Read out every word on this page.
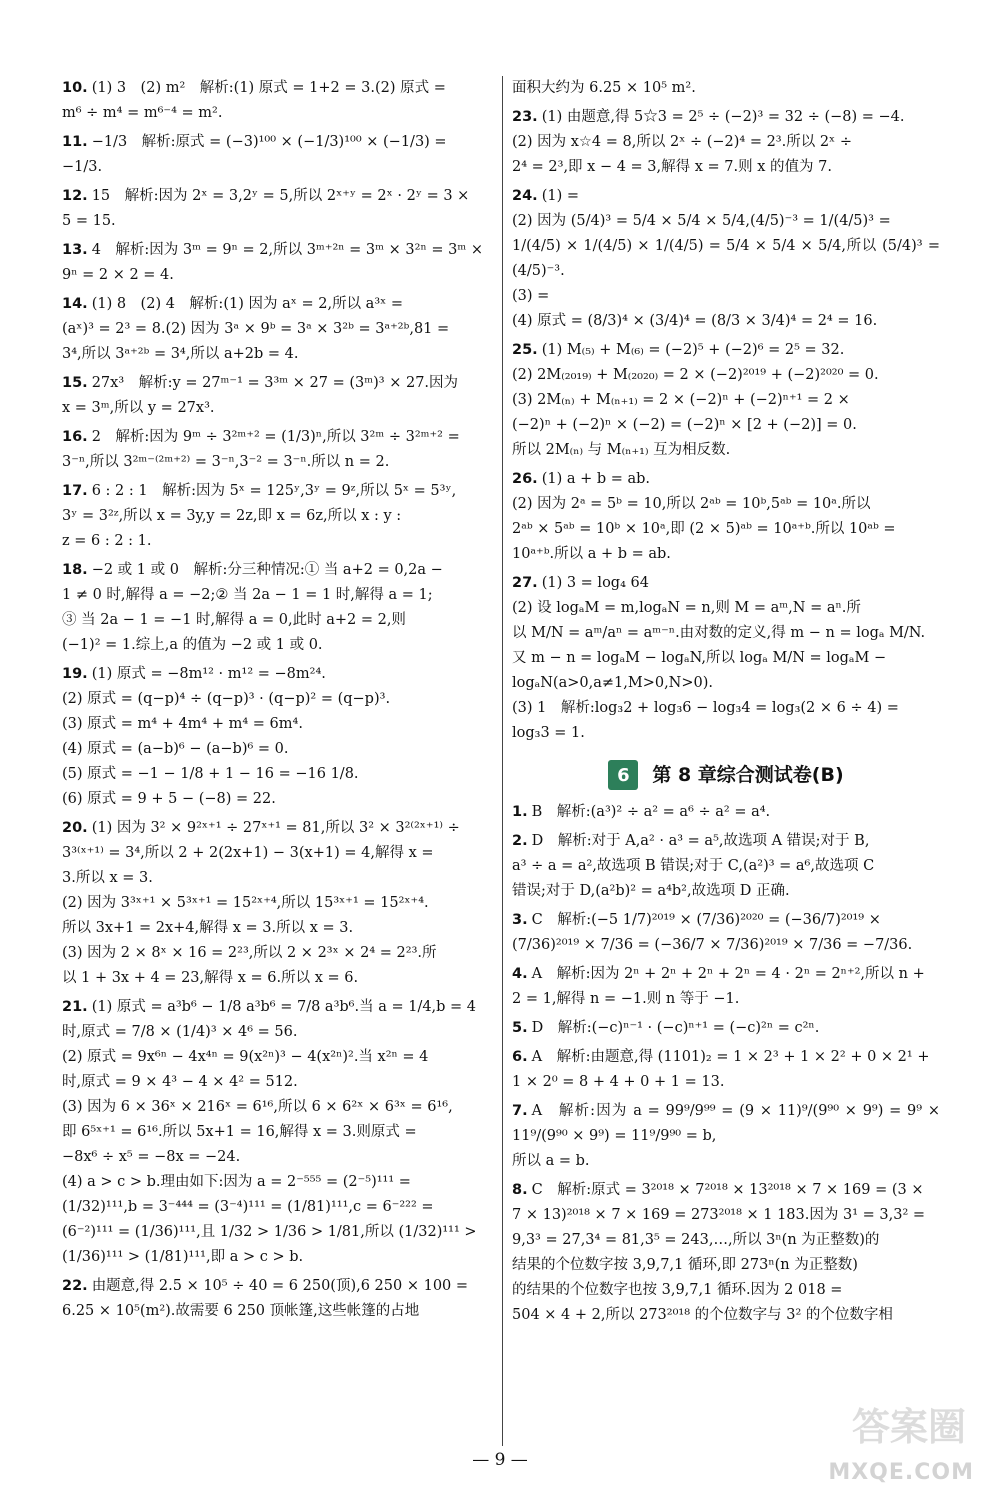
10. (1) 3　(2) m²　解析:(1) 原式 = 1+2 = 3.(2) 原式 =
m⁶ ÷ m⁴ = m⁶⁻⁴ = m².
11. −1/3　解析:原式 = (−3)¹⁰⁰ × (−1/3)¹⁰⁰ × (−1/3) =
−1/3.
12. 15　解析:因为 2ˣ = 3,2ʸ = 5,所以 2ˣ⁺ʸ = 2ˣ · 2ʸ = 3 ×
5 = 15.
13. 4　解析:因为 3ᵐ = 9ⁿ = 2,所以 3ᵐ⁺²ⁿ = 3ᵐ × 3²ⁿ = 3ᵐ ×
9ⁿ = 2 × 2 = 4.
14. (1) 8　(2) 4　解析:(1) 因为 aˣ = 2,所以 a³ˣ =
(aˣ)³ = 2³ = 8.(2) 因为 3ᵃ × 9ᵇ = 3ᵃ × 3²ᵇ = 3ᵃ⁺²ᵇ,81 =
3⁴,所以 3ᵃ⁺²ᵇ = 3⁴,所以 a+2b = 4.
15. 27x³　解析:y = 27ᵐ⁻¹ = 3³ᵐ × 27 = (3ᵐ)³ × 27.因为
x = 3ᵐ,所以 y = 27x³.
16. 2　解析:因为 9ᵐ ÷ 3²ᵐ⁺² = (1/3)ⁿ,所以 3²ᵐ ÷ 3²ᵐ⁺² =
3⁻ⁿ,所以 3²ᵐ⁻⁽²ᵐ⁺²⁾ = 3⁻ⁿ,3⁻² = 3⁻ⁿ.所以 n = 2.
17. 6 : 2 : 1　解析:因为 5ˣ = 125ʸ,3ʸ = 9ᶻ,所以 5ˣ = 5³ʸ,
3ʸ = 3²ᶻ,所以 x = 3y,y = 2z,即 x = 6z,所以 x : y :
z = 6 : 2 : 1.
18. −2 或 1 或 0　解析:分三种情况:① 当 a+2 = 0,2a −
1 ≠ 0 时,解得 a = −2;② 当 2a − 1 = 1 时,解得 a = 1;
③ 当 2a − 1 = −1 时,解得 a = 0,此时 a+2 = 2,则
(−1)² = 1.综上,a 的值为 −2 或 1 或 0.
19. (1) 原式 = −8m¹² · m¹² = −8m²⁴.
(2) 原式 = (q−p)⁴ ÷ (q−p)³ · (q−p)² = (q−p)³.
(3) 原式 = m⁴ + 4m⁴ + m⁴ = 6m⁴.
(4) 原式 = (a−b)⁶ − (a−b)⁶ = 0.
(5) 原式 = −1 − 1/8 + 1 − 16 = −16 1/8.
(6) 原式 = 9 + 5 − (−8) = 22.
20. (1) 因为 3² × 9²ˣ⁺¹ ÷ 27ˣ⁺¹ = 81,所以 3² × 3²⁽²ˣ⁺¹⁾ ÷
3³⁽ˣ⁺¹⁾ = 3⁴,所以 2 + 2(2x+1) − 3(x+1) = 4,解得 x =
3.所以 x = 3.
(2) 因为 3³ˣ⁺¹ × 5³ˣ⁺¹ = 15²ˣ⁺⁴,所以 15³ˣ⁺¹ = 15²ˣ⁺⁴.
所以 3x+1 = 2x+4,解得 x = 3.所以 x = 3.
(3) 因为 2 × 8ˣ × 16 = 2²³,所以 2 × 2³ˣ × 2⁴ = 2²³.所
以 1 + 3x + 4 = 23,解得 x = 6.所以 x = 6.
21. (1) 原式 = a³b⁶ − 1/8 a³b⁶ = 7/8 a³b⁶.当 a = 1/4,b = 4
时,原式 = 7/8 × (1/4)³ × 4⁶ = 56.
(2) 原式 = 9x⁶ⁿ − 4x⁴ⁿ = 9(x²ⁿ)³ − 4(x²ⁿ)².当 x²ⁿ = 4
时,原式 = 9 × 4³ − 4 × 4² = 512.
(3) 因为 6 × 36ˣ × 216ˣ = 6¹⁶,所以 6 × 6²ˣ × 6³ˣ = 6¹⁶,
即 6⁵ˣ⁺¹ = 6¹⁶.所以 5x+1 = 16,解得 x = 3.则原式 =
−8x⁶ ÷ x⁵ = −8x = −24.
(4) a > c > b.理由如下:因为 a = 2⁻⁵⁵⁵ = (2⁻⁵)¹¹¹ =
(1/32)¹¹¹,b = 3⁻⁴⁴⁴ = (3⁻⁴)¹¹¹ = (1/81)¹¹¹,c = 6⁻²²² =
(6⁻²)¹¹¹ = (1/36)¹¹¹,且 1/32 > 1/36 > 1/81,所以 (1/32)¹¹¹ >
(1/36)¹¹¹ > (1/81)¹¹¹,即 a > c > b.
22. 由题意,得 2.5 × 10⁵ ÷ 40 = 6 250(顶),6 250 × 100 =
6.25 × 10⁵(m²).故需要 6 250 顶帐篷,这些帐篷的占地
面积大约为 6.25 × 10⁵ m².
23. (1) 由题意,得 5☆3 = 2⁵ ÷ (−2)³ = 32 ÷ (−8) = −4.
(2) 因为 x☆4 = 8,所以 2ˣ ÷ (−2)⁴ = 2³.所以 2ˣ ÷
2⁴ = 2³,即 x − 4 = 3,解得 x = 7.则 x 的值为 7.
24. (1) =
(2) 因为 (5/4)³ = 5/4 × 5/4 × 5/4,(4/5)⁻³ = 1/(4/5)³ =
1/(4/5) × 1/(4/5) × 1/(4/5) = 5/4 × 5/4 × 5/4,所以 (5/4)³ = (4/5)⁻³.
(3) =
(4) 原式 = (8/3)⁴ × (3/4)⁴ = (8/3 × 3/4)⁴ = 2⁴ = 16.
25. (1) M₍₅₎ + M₍₆₎ = (−2)⁵ + (−2)⁶ = 2⁵ = 32.
(2) 2M₍₂₀₁₉₎ + M₍₂₀₂₀₎ = 2 × (−2)²⁰¹⁹ + (−2)²⁰²⁰ = 0.
(3) 2M₍ₙ₎ + M₍ₙ₊₁₎ = 2 × (−2)ⁿ + (−2)ⁿ⁺¹ = 2 ×
(−2)ⁿ + (−2)ⁿ × (−2) = (−2)ⁿ × [2 + (−2)] = 0.
所以 2M₍ₙ₎ 与 M₍ₙ₊₁₎ 互为相反数.
26. (1) a + b = ab.
(2) 因为 2ᵃ = 5ᵇ = 10,所以 2ᵃᵇ = 10ᵇ,5ᵃᵇ = 10ᵃ.所以
2ᵃᵇ × 5ᵃᵇ = 10ᵇ × 10ᵃ,即 (2 × 5)ᵃᵇ = 10ᵃ⁺ᵇ.所以 10ᵃᵇ =
10ᵃ⁺ᵇ.所以 a + b = ab.
27. (1) 3 = log₄ 64
(2) 设 logₐM = m,logₐN = n,则 M = aᵐ,N = aⁿ.所
以 M/N = aᵐ/aⁿ = aᵐ⁻ⁿ.由对数的定义,得 m − n = logₐ M/N.
又 m − n = logₐM − logₐN,所以 logₐ M/N = logₐM −
logₐN(a>0,a≠1,M>0,N>0).
(3) 1　解析:log₃2 + log₃6 − log₃4 = log₃(2 × 6 ÷ 4) =
log₃3 = 1.
6	第 8 章综合测试卷(B)
1. B　解析:(a³)² ÷ a² = a⁶ ÷ a² = a⁴.
2. D　解析:对于 A,a² · a³ = a⁵,故选项 A 错误;对于 B,
a³ ÷ a = a²,故选项 B 错误;对于 C,(a²)³ = a⁶,故选项 C
错误;对于 D,(a²b)² = a⁴b²,故选项 D 正确.
3. C　解析:(−5 1/7)²⁰¹⁹ × (7/36)²⁰²⁰ = (−36/7)²⁰¹⁹ ×
(7/36)²⁰¹⁹ × 7/36 = (−36/7 × 7/36)²⁰¹⁹ × 7/36 = −7/36.
4. A　解析:因为 2ⁿ + 2ⁿ + 2ⁿ + 2ⁿ = 4 · 2ⁿ = 2ⁿ⁺²,所以 n +
2 = 1,解得 n = −1.则 n 等于 −1.
5. D　解析:(−c)ⁿ⁻¹ · (−c)ⁿ⁺¹ = (−c)²ⁿ = c²ⁿ.
6. A　解析:由题意,得 (1101)₂ = 1 × 2³ + 1 × 2² + 0 × 2¹ +
1 × 2⁰ = 8 + 4 + 0 + 1 = 13.
7. A　解析:因为 a = 99⁹/9⁹⁹ = (9 × 11)⁹/(9⁹⁰ × 9⁹) = 9⁹ × 11⁹/(9⁹⁰ × 9⁹) = 11⁹/9⁹⁰ = b,
所以 a = b.
8. C　解析:原式 = 3²⁰¹⁸ × 7²⁰¹⁸ × 13²⁰¹⁸ × 7 × 169 = (3 ×
7 × 13)²⁰¹⁸ × 7 × 169 = 273²⁰¹⁸ × 1 183.因为 3¹ = 3,3² =
9,3³ = 27,3⁴ = 81,3⁵ = 243,…,所以 3ⁿ(n 为正整数)的
结果的个位数字按 3,9,7,1 循环,即 273ⁿ(n 为正整数)
的结果的个位数字也按 3,9,7,1 循环.因为 2 018 =
504 × 4 + 2,所以 273²⁰¹⁸ 的个位数字与 3² 的个位数字相
— 9 —
答案圈
MXQE.COM
